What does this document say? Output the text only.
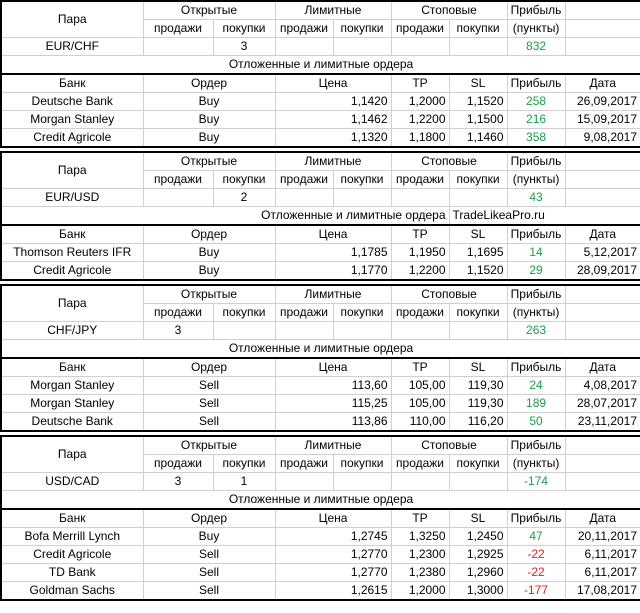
Пара	Открытые		Лимитные		Стоповые		Прибыль	
	продажи	покупки	продажи	покупки	продажи	покупки	(пункты)	
EUR/CHF		3					832	
Отложенные и лимитные ордера								
Банк	Ордер		Цена		TP	SL	Прибыль	Дата
Deutsche Bank	Buy		1,1420		1,2000	1,1520	258	26,09,2017
Morgan Stanley	Buy		1,1462		1,2200	1,1500	216	15,09,2017
Credit Agricole	Buy		1,1320		1,1800	1,1460	358	9,08,2017

Пара	Открытые		Лимитные		Стоповые		Прибыль	
	продажи	покупки	продажи	покупки	продажи	покупки	(пункты)	
EUR/USD		2					43	
Отложенные и лимитные ордера						TradeLikeaPro.ru		
Банк	Ордер		Цена		TP	SL	Прибыль	Дата
Thomson Reuters IFR	Buy		1,1785		1,1950	1,1695	14	5,12,2017
Credit Agricole	Buy		1,1770		1,2200	1,1520	29	28,09,2017

Пара	Открытые		Лимитные		Стоповые		Прибыль	
	продажи	покупки	продажи	покупки	продажи	покупки	(пункты)	
CHF/JPY	3						263	
Отложенные и лимитные ордера								
Банк	Ордер		Цена		TP	SL	Прибыль	Дата
Morgan Stanley	Sell		113,60		105,00	119,30	24	4,08,2017
Morgan Stanley	Sell		115,25		105,00	119,30	189	28,07,2017
Deutsche Bank	Sell		113,86		110,00	116,20	50	23,11,2017

Пара	Открытые		Лимитные		Стоповые		Прибыль	
	продажи	покупки	продажи	покупки	продажи	покупки	(пункты)	
USD/CAD	3	1					-174	
Отложенные и лимитные ордера								
Банк	Ордер		Цена		TP	SL	Прибыль	Дата
Bofa Merrill Lynch	Buy		1,2745		1,3250	1,2450	47	20,11,2017
Credit Agricole	Sell		1,2770		1,2300	1,2925	-22	6,11,2017
TD Bank	Sell		1,2770		1,2380	1,2960	-22	6,11,2017
Goldman Sachs	Sell		1,2615		1,2000	1,3000	-177	17,08,2017
